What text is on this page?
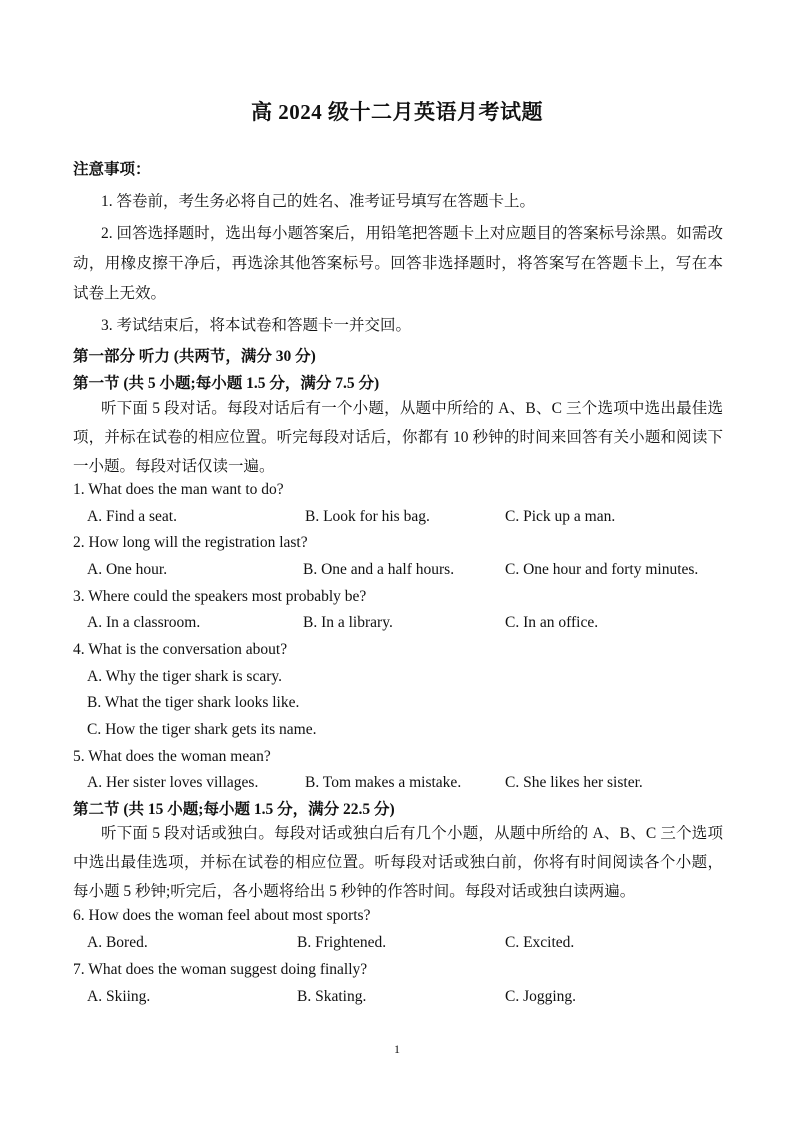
高 2024 级十二月英语月考试题
注意事项：
1. 答卷前，考生务必将自己的姓名、准考证号填写在答题卡上。
2. 回答选择题时，选出每小题答案后，用铅笔把答题卡上对应题目的答案标号涂黑。如需改动，用橡皮擦干净后，再选涂其他答案标号。回答非选择题时，将答案写在答题卡上，写在本试卷上无效。
3. 考试结束后，将本试卷和答题卡一并交回。
第一部分 听力 (共两节，满分 30 分)
第一节 (共 5 小题;每小题 1.5 分，满分 7.5 分)
听下面 5 段对话。每段对话后有一个小题，从题中所给的 A、B、C 三个选项中选出最佳选项，并标在试卷的相应位置。听完每段对话后，你都有 10 秒钟的时间来回答有关小题和阅读下一小题。每段对话仅读一遍。
1. What does the man want to do?
A. Find a seat.	B. Look for his bag.	C. Pick up a man.
2. How long will the registration last?
A. One hour.	B. One and a half hours.	C. One hour and forty minutes.
3. Where could the speakers most probably be?
A. In a classroom.	B. In a library.	C. In an office.
4. What is the conversation about?
A. Why the tiger shark is scary.
B. What the tiger shark looks like.
C. How the tiger shark gets its name.
5. What does the woman mean?
A. Her sister loves villages.	B. Tom makes a mistake.	C. She likes her sister.
第二节 (共 15 小题;每小题 1.5 分，满分 22.5 分)
听下面 5 段对话或独白。每段对话或独白后有几个小题，从题中所给的 A、B、C 三个选项中选出最佳选项，并标在试卷的相应位置。听每段对话或独白前，你将有时间阅读各个小题，每小题 5 秒钟;听完后，各小题将给出 5 秒钟的作答时间。每段对话或独白读两遍。
6. How does the woman feel about most sports?
A. Bored.	B. Frightened.	C. Excited.
7. What does the woman suggest doing finally?
A. Skiing.	B. Skating.	C. Jogging.
1
